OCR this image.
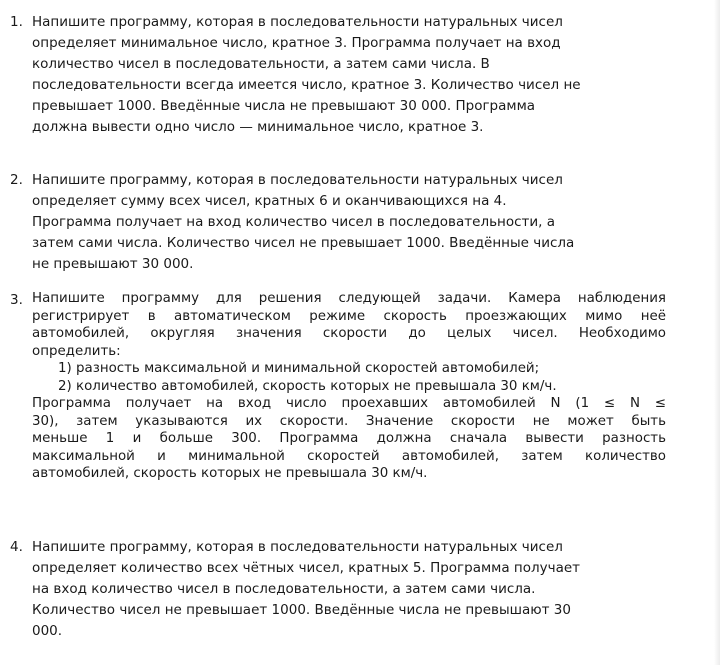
1. Напишите программу, которая в последовательности натуральных чисел
определяет минимальное число, кратное 3. Программа получает на вход
количество чисел в последовательности, а затем сами числа. В
последовательности всегда имеется число, кратное 3. Количество чисел не
превышает 1000. Введённые числа не превышают 30 000. Программа
должна вывести одно число — минимальное число, кратное 3.
2. Напишите программу, которая в последовательности натуральных чисел
определяет сумму всех чисел, кратных 6 и оканчивающихся на 4.
Программа получает на вход количество чисел в последовательности, а
затем сами числа. Количество чисел не превышает 1000. Введённые числа
не превышают 30 000.
3. Напишите программу для решения следующей задачи. Камера наблюдения
регистрирует в автоматическом режиме скорость проезжающих мимо неё
автомобилей, округляя значения скорости до целых чисел. Необходимо
определить:
1) разность максимальной и минимальной скоростей автомобилей;
2) количество автомобилей, скорость которых не превышала 30 км/ч.
Программа получает на вход число проехавших автомобилей N (1 ≤ N ≤
30), затем указываются их скорости. Значение скорости не может быть
меньше 1 и больше 300. Программа должна сначала вывести разность
максимальной и минимальной скоростей автомобилей, затем количество
автомобилей, скорость которых не превышала 30 км/ч.
4. Напишите программу, которая в последовательности натуральных чисел
определяет количество всех чётных чисел, кратных 5. Программа получает
на вход количество чисел в последовательности, а затем сами числа.
Количество чисел не превышает 1000. Введённые числа не превышают 30
000.
